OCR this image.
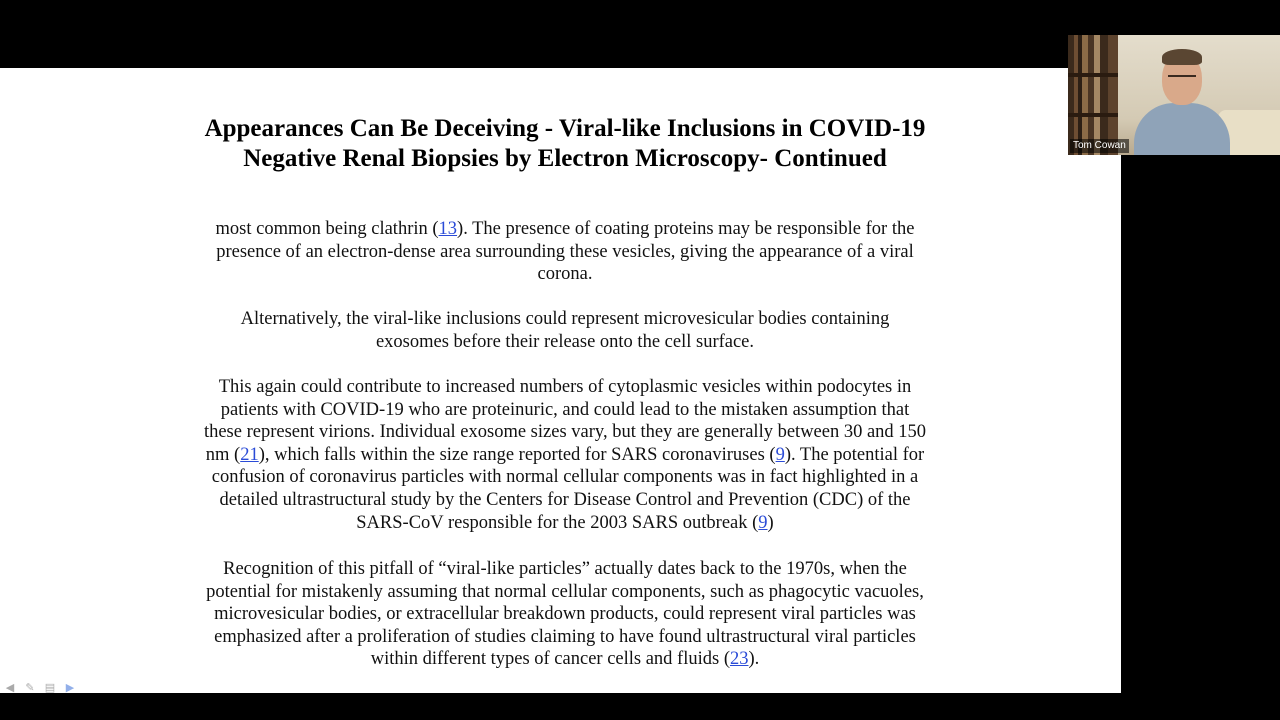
Appearances Can Be Deceiving - Viral-like Inclusions in COVID-19
Negative Renal Biopsies by Electron Microscopy- Continued

most common being clathrin (13). The presence of coating proteins may be responsible for the
presence of an electron-dense area surrounding these vesicles, giving the appearance of a viral
corona.

Alternatively, the viral-like inclusions could represent microvesicular bodies containing
exosomes before their release onto the cell surface.

This again could contribute to increased numbers of cytoplasmic vesicles within podocytes in
patients with COVID-19 who are proteinuric, and could lead to the mistaken assumption that
these represent virions. Individual exosome sizes vary, but they are generally between 30 and 150
nm (21), which falls within the size range reported for SARS coronaviruses (9). The potential for
confusion of coronavirus particles with normal cellular components was in fact highlighted in a
detailed ultrastructural study by the Centers for Disease Control and Prevention (CDC) of the
SARS-CoV responsible for the 2003 SARS outbreak (9)

Recognition of this pitfall of “viral-like particles” actually dates back to the 1970s, when the
potential for mistakenly assuming that normal cellular components, such as phagocytic vacuoles,
microvesicular bodies, or extracellular breakdown products, could represent viral particles was
emphasized after a proliferation of studies claiming to have found ultrastructural viral particles
within different types of cancer cells and fluids (23).

◀	✎ ▤ ▶
Tom Cowan
